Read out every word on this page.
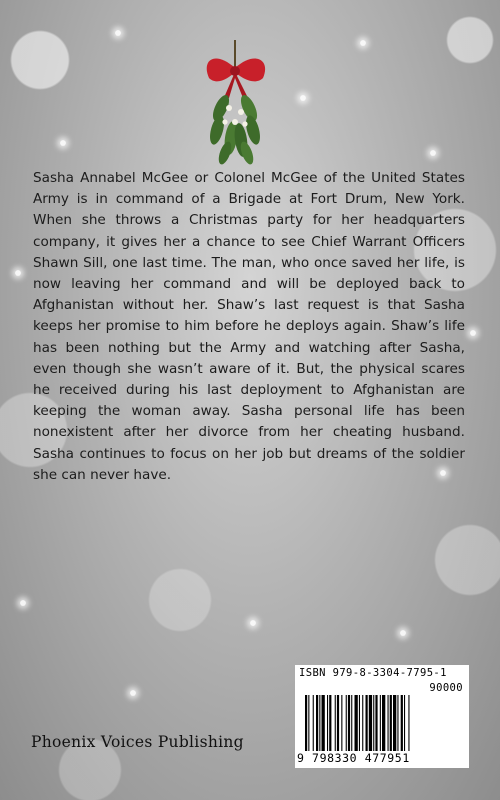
Sasha Annabel McGee or Colonel McGee of the United States Army is in command of a Brigade at Fort Drum, New York. When she throws a Christmas party for her headquarters company, it gives her a chance to see Chief Warrant Officers Shawn Sill, one last time. The man, who once saved her life, is now leaving her command and will be deployed back to Afghanistan without her. Shaw’s last request is that Sasha keeps her promise to him before he deploys again. Shaw’s life has been nothing but the Army and watching after Sasha, even though she wasn’t aware of it. But, the physical scares he received during his last deployment to Afghanistan are keeping the woman away. Sasha personal life has been nonexistent after her divorce from her cheating husband. Sasha continues to focus on her job but dreams of the soldier she can never have.

Phoenix Voices Publishing
ISBN 979-8-3304-7795-1
90000
9 798330 477951
